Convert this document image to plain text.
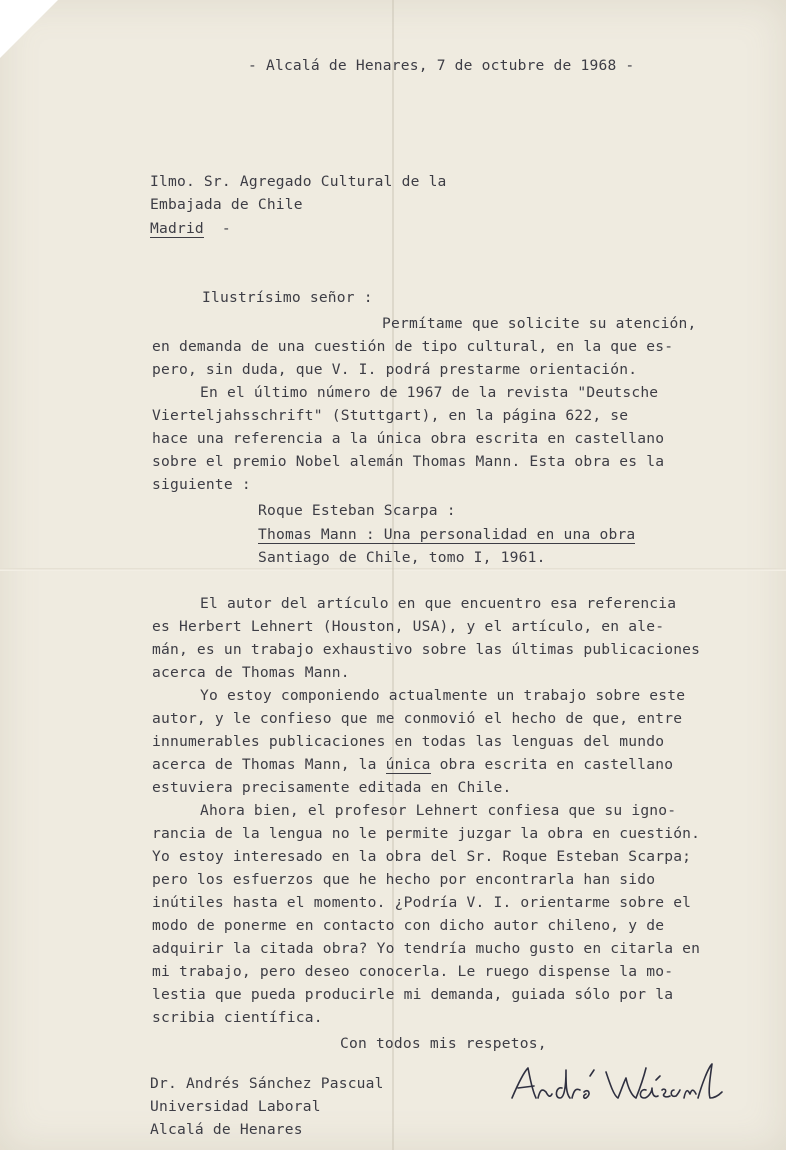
- Alcalá de Henares, 7 de octubre de 1968 -
Ilmo. Sr. Agregado Cultural de la
Embajada de Chile
Madrid -
Ilustrísimo señor :
Permítame que solicite su atención,
en demanda de una cuestión de tipo cultural, en la que es-
pero, sin duda, que V. I. podrá prestarme orientación.
En el último número de 1967 de la revista "Deutsche
Vierteljahsschrift" (Stuttgart), en la página 622, se
hace una referencia a la única obra escrita en castellano
sobre el premio Nobel alemán Thomas Mann. Esta obra es la
siguiente :
Roque Esteban Scarpa :
Thomas Mann : Una personalidad en una obra
Santiago de Chile, tomo I, 1961.
El autor del artículo en que encuentro esa referencia
es Herbert Lehnert (Houston, USA), y el artículo, en ale-
mán, es un trabajo exhaustivo sobre las últimas publicaciones
acerca de Thomas Mann.
Yo estoy componiendo actualmente un trabajo sobre este
autor, y le confieso que me conmovió el hecho de que, entre
innumerables publicaciones en todas las lenguas del mundo
acerca de Thomas Mann, la única obra escrita en castellano
estuviera precisamente editada en Chile.
Ahora bien, el profesor Lehnert confiesa que su igno-
rancia de la lengua no le permite juzgar la obra en cuestión.
Yo estoy interesado en la obra del Sr. Roque Esteban Scarpa;
pero los esfuerzos que he hecho por encontrarla han sido
inútiles hasta el momento. ¿Podría V. I. orientarme sobre el
modo de ponerme en contacto con dicho autor chileno, y de
adquirir la citada obra? Yo tendría mucho gusto en citarla en
mi trabajo, pero deseo conocerla. Le ruego dispense la mo-
lestia que pueda producirle mi demanda, guiada sólo por la
scribia científica.
Con todos mis respetos,
Dr. Andrés Sánchez Pascual
Universidad Laboral
Alcalá de Henares
